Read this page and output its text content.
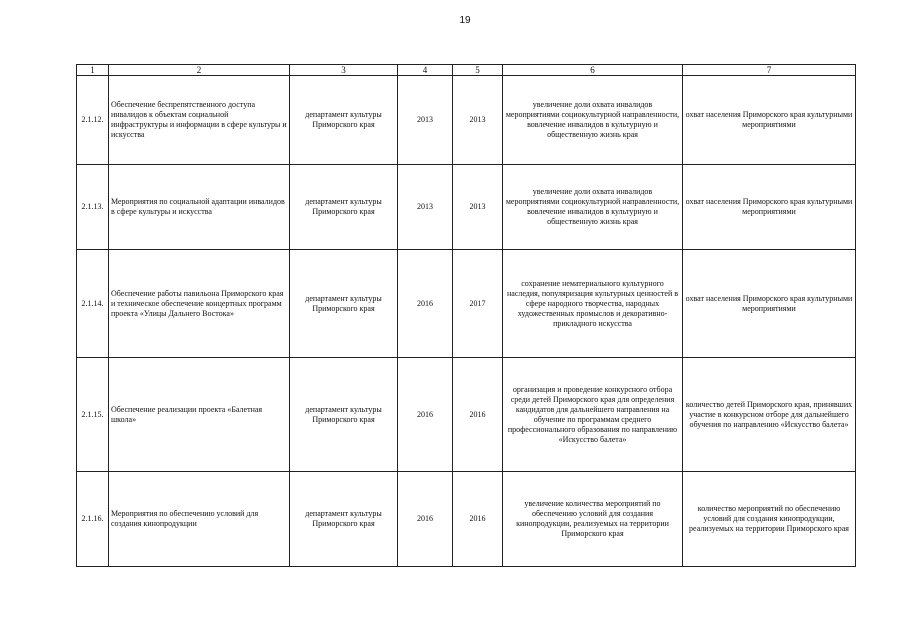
19
1	2	3	4	5	6	7
2.1.12.	Обеспечение беспрепятственного доступа инвалидов к объектам социальной инфраструктуры и информации в сфере культуры и искусства	департамент культуры Приморского края	2013	2013	увеличение доли охвата инвалидов мероприятиями социокультурной направленности, вовлечение инвалидов в культурную и общественную жизнь края	охват населения Приморского края культурными мероприятиями
2.1.13.	Мероприятия по социальной адаптации инвалидов в сфере культуры и искусства	департамент культуры Приморского края	2013	2013	увеличение доли охвата инвалидов мероприятиями социокультурной направленности, вовлечение инвалидов в культурную и общественную жизнь края	охват населения Приморского края культурными мероприятиями
2.1.14.	Обеспечение работы павильона Приморского края и техническое обеспечение концертных программ проекта «Улицы Дальнего Востока»	департамент культуры Приморского края	2016	2017	сохранение нематериального культурного наследия, популяризация культурных ценностей в сфере народного творчества, народных художественных промыслов и декоративно-прикладного искусства	охват населения Приморского края культурными мероприятиями
2.1.15.	Обеспечение реализации проекта «Балетная школа»	департамент культуры Приморского края	2016	2016	организация и проведение конкурсного отбора среди детей Приморского края для определения кандидатов для дальнейшего направления на обучение по программам среднего профессионального образования по направлению «Искусство балета»	количество детей Приморского края, принявших участие в конкурсном отборе для дальнейшего обучения по направлению «Искусство балета»
2.1.16.	Мероприятия по обеспечению условий для создания кинопродукции	департамент культуры Приморского края	2016	2016	увеличение количества мероприятий по обеспечению условий для создания кинопродукции, реализуемых на территории Приморского края	количество мероприятий по обеспечению условий для создания кинопродукции, реализуемых на территории Приморского края
